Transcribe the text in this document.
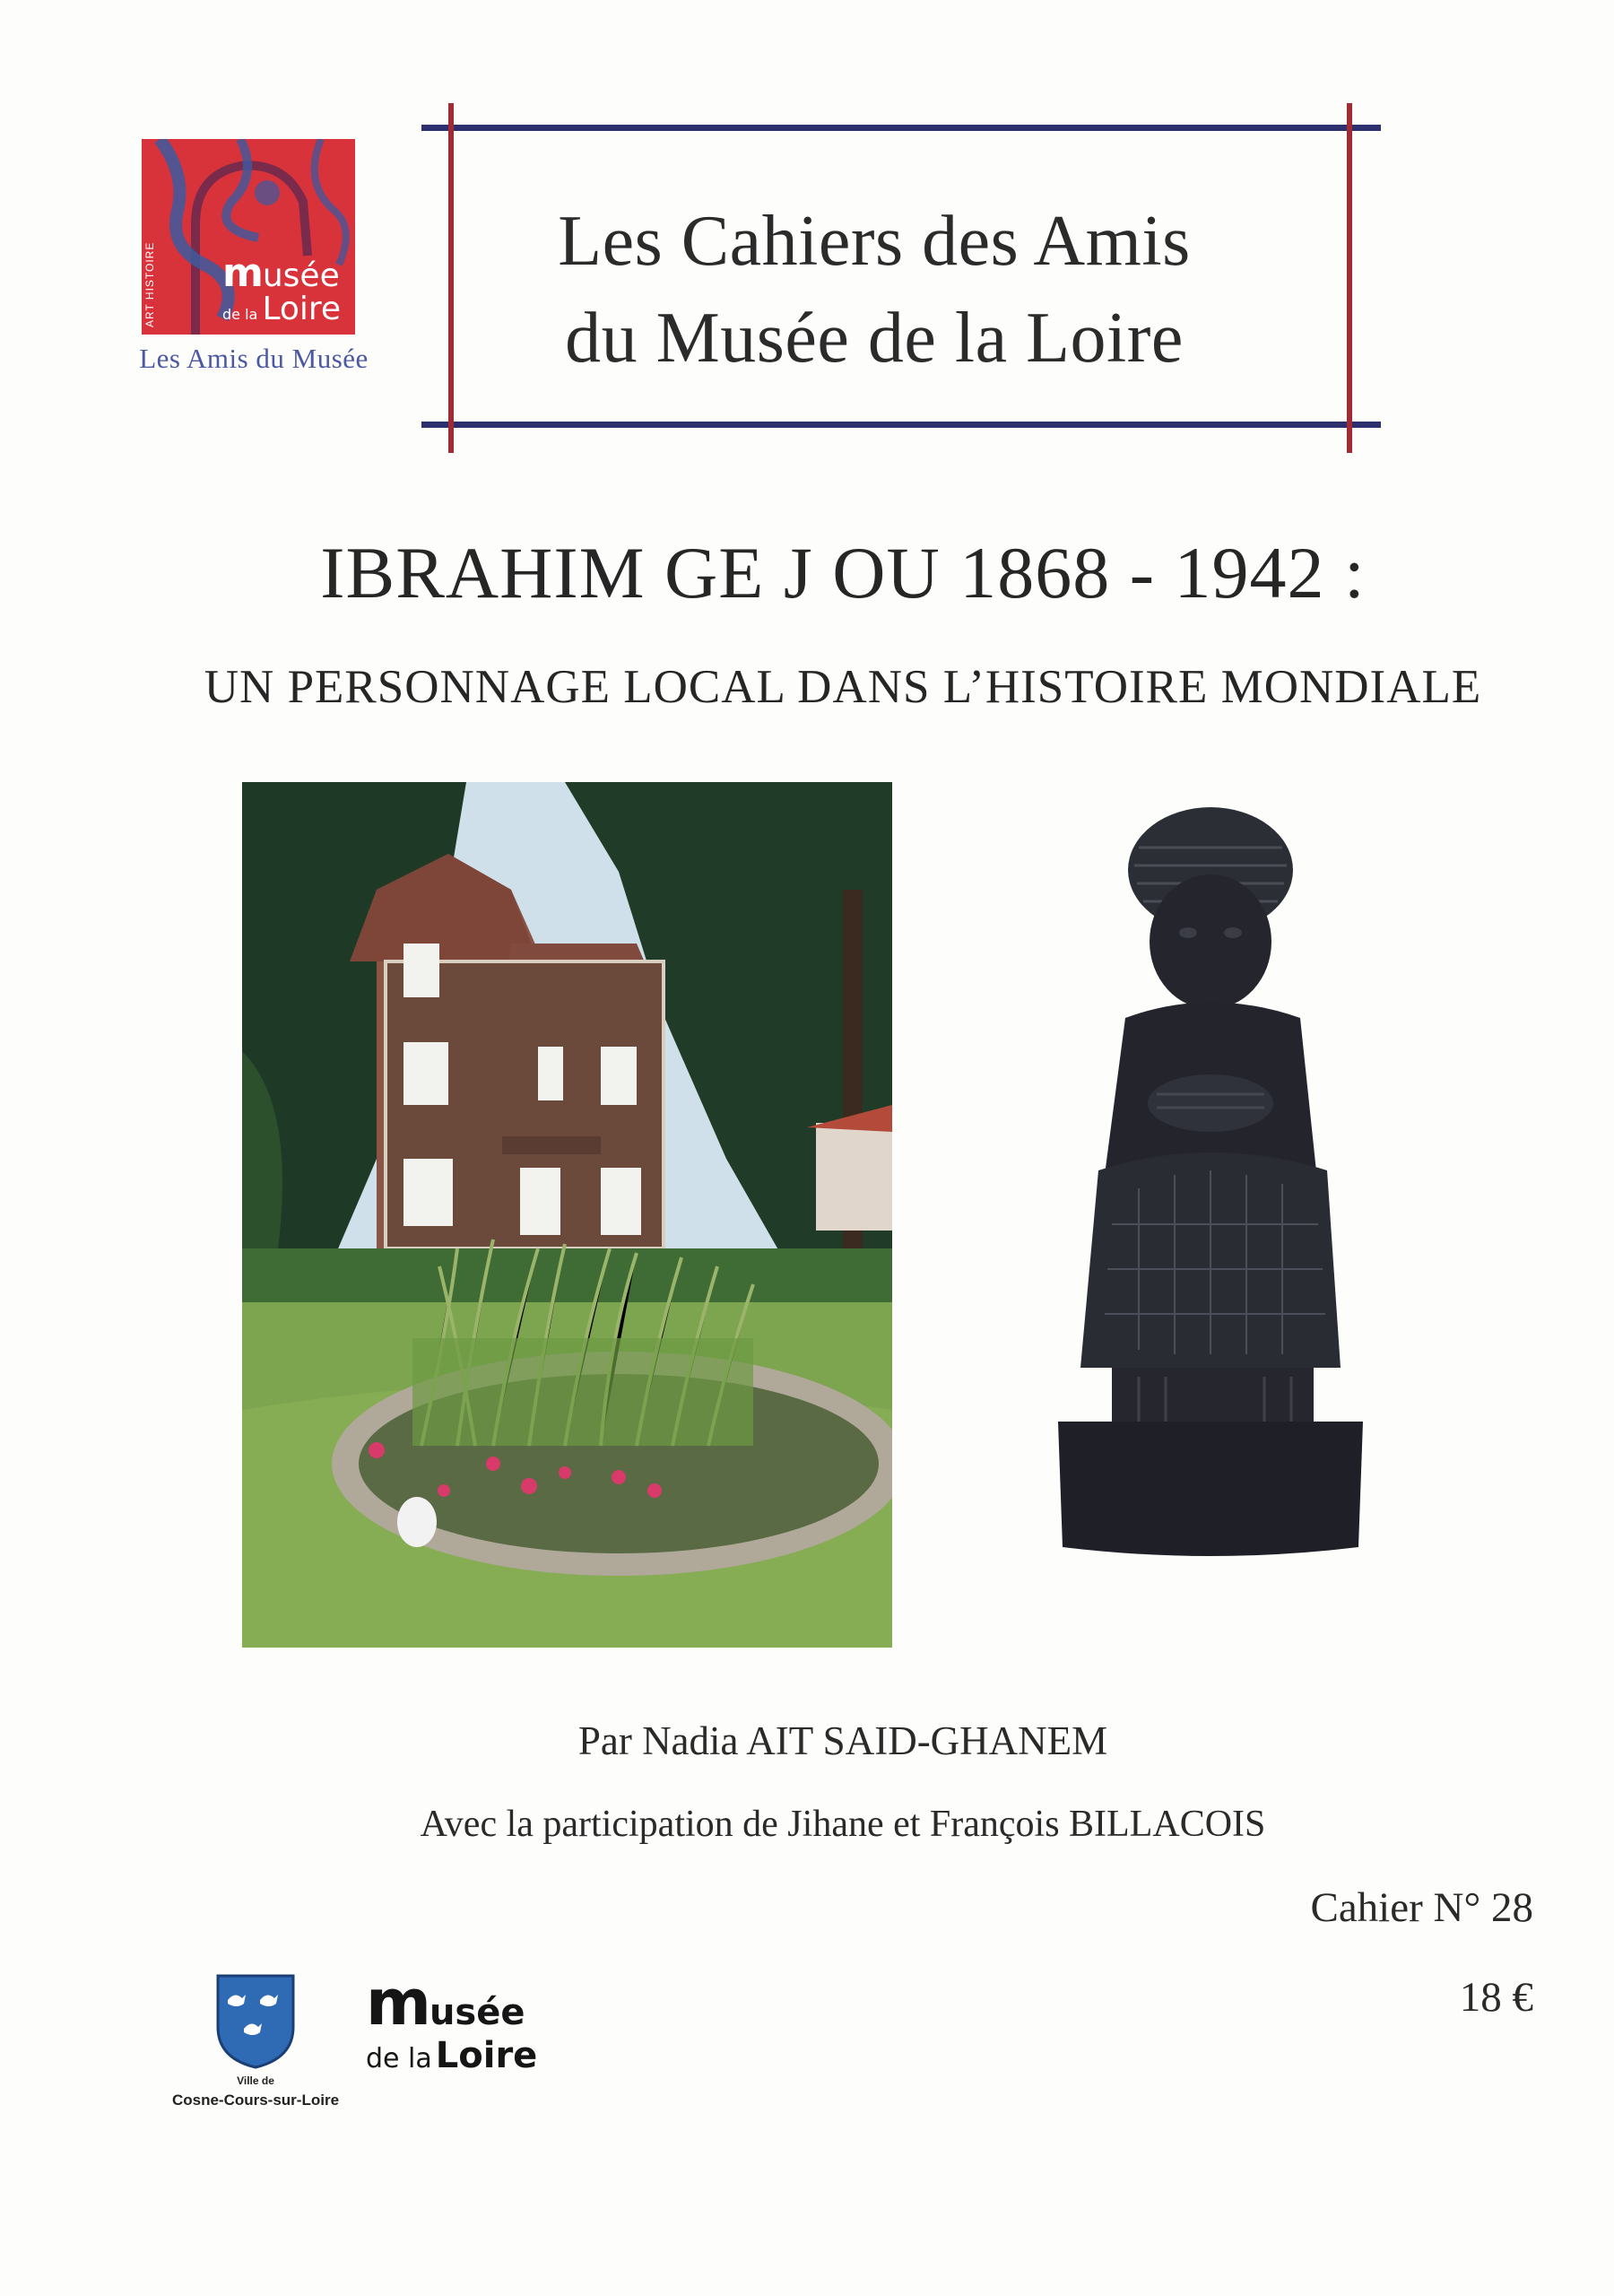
ART HISTOIRE musée
de la Loire
Les Amis du Musée
Les Cahiers des Amis
du Musée de la Loire
IBRAHIM GE J OU 1868 - 1942 :
UN PERSONNAGE LOCAL DANS L’HISTOIRE MONDIALE
Par Nadia AIT SAID-GHANEM
Avec la participation de Jihane et François BILLACOIS
Cahier N° 28
18 €
Ville de
Cosne-Cours-sur-Loire
musée
de la Loire
